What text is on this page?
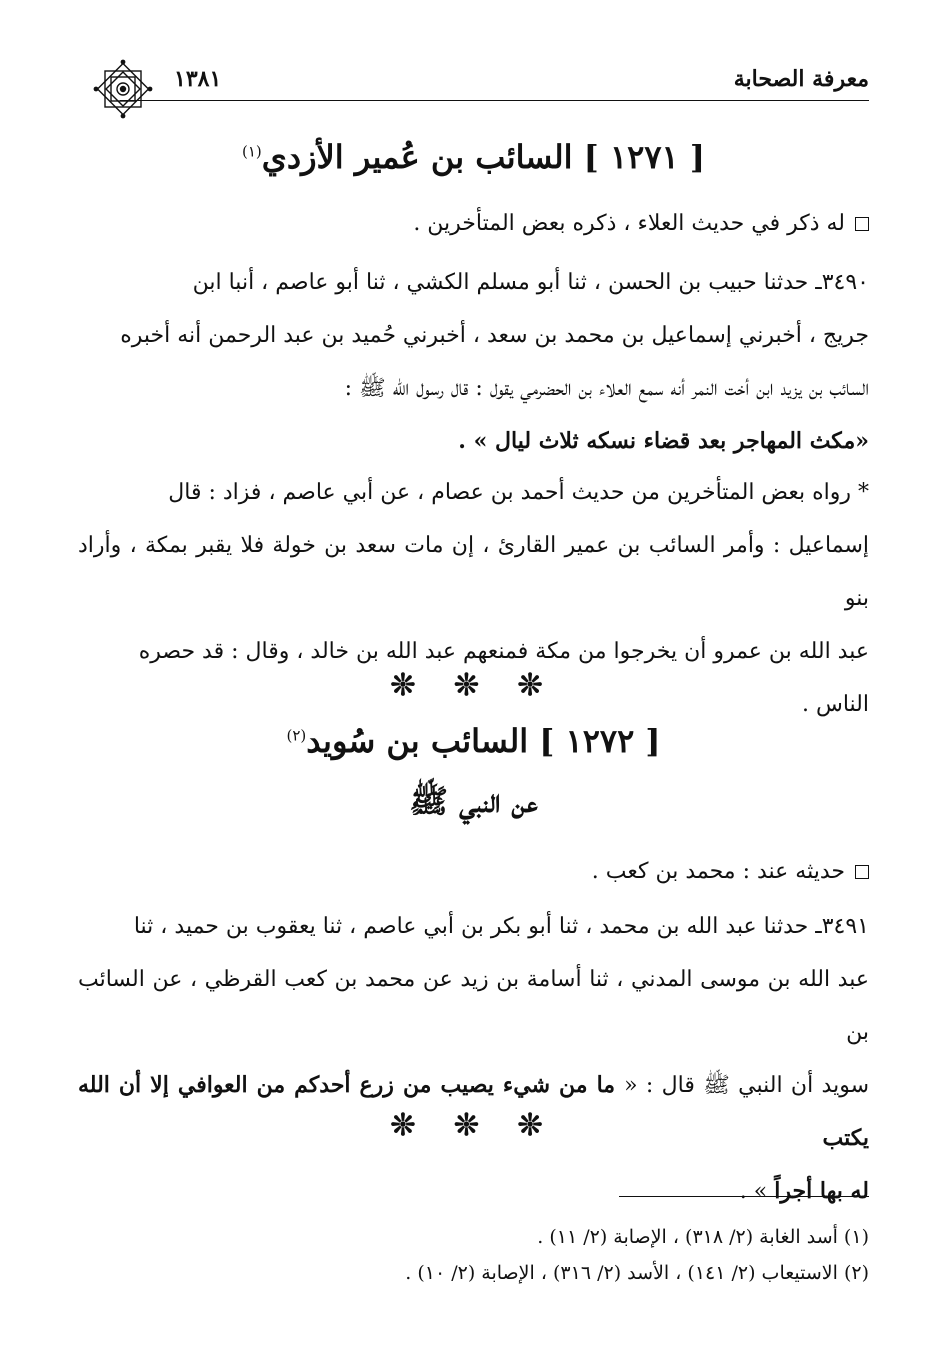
معرفة الصحابة
١٣٨١
[ ١٢٧١ ] السائب بن عُمير الأزدي$^{(١)}$
له ذكر في حديث العلاء ، ذكره بعض المتأخرين .
٣٤٩٠ـ حدثنا حبيب بن الحسن ، ثنا أبو مسلم الكشي ، ثنا أبو عاصم ، أنبا ابن
جريج ، أخبرني إسماعيل بن محمد بن سعد ، أخبرني حُميد بن عبد الرحمن أنه أخبره
السائب بن يزيد ابن أخت النمر أنه سمع العلاء بن الحضرمي يقول : قال رسول الله ﷺ :
«مكث المهاجر بعد قضاء نسكه ثلاث ليال » .
* رواه بعض المتأخرين من حديث أحمد بن عصام ، عن أبي عاصم ، فزاد : قال
إسماعيل : وأمر السائب بن عمير القارئ ، إن مات سعد بن خولة فلا يقبر بمكة ، وأراد بنو
عبد الله بن عمرو أن يخرجوا من مكة فمنعهم عبد الله بن خالد ، وقال : قد حصره
الناس .
❊ ❊ ❊
[ ١٢٧٢ ] السائب بن سُويد$^{(٢)}$
عن النبي ﷺ
حديثه عند : محمد بن كعب .
٣٤٩١ـ حدثنا عبد الله بن محمد ، ثنا أبو بكر بن أبي عاصم ، ثنا يعقوب بن حميد ، ثنا
عبد الله بن موسى المدني ، ثنا أسامة بن زيد عن محمد بن كعب القرظي ، عن السائب بن
سويد أن النبي ﷺ قال : « ما من شيء يصيب من زرع أحدكم من العوافي إلا أن الله يكتب
له بها أجراً » .
❊ ❊ ❊
(١) أسد الغابة (٢/ ٣١٨) ، الإصابة (٢/ ١١) .
(٢) الاستيعاب (٢/ ١٤١) ، الأسد (٢/ ٣١٦) ، الإصابة (٢/ ١٠) .
